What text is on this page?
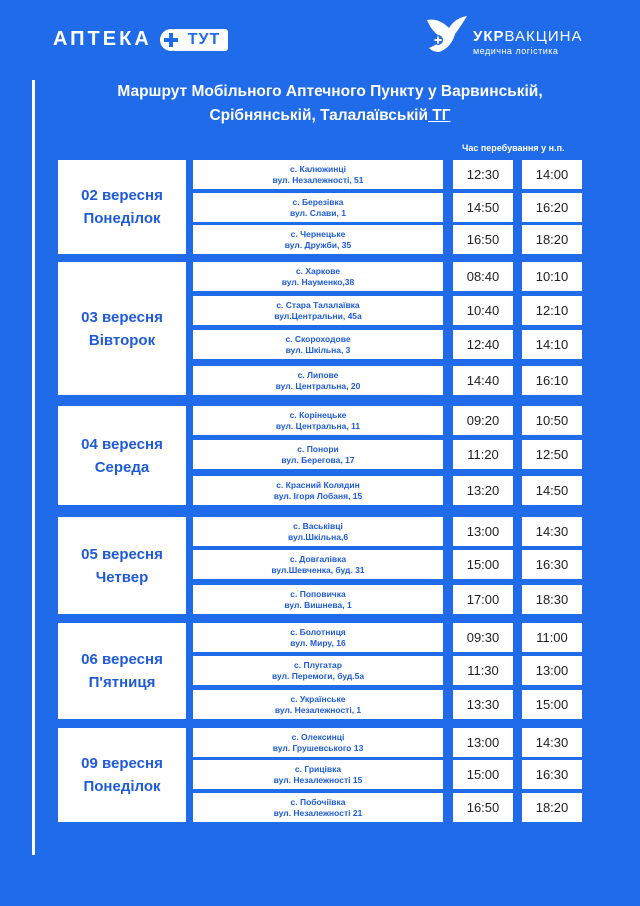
АПТЕКА	ТУТ	УКРВАКЦИНА
медична логістика
Маршрут Мобільного Аптечного Пункту у Варвинській,
Срібнянській, Талалаївській ТГ
Час перебування у н.п.
02 вересня
Понеділок
с. Калюжинці
вул. Незалежності, 51	12:30	14:00
с. Березівка
вул. Слави, 1	14:50	16:20
с. Чернецьке
вул. Дружби, 35	16:50	18:20
03 вересня
Вівторок
с. Харкове
вул. Науменко,38	08:40	10:10
с. Стара Талалаївка
вул.Центральни, 45а	10:40	12:10
с. Скороходове
вул. Шкільна, 3	12:40	14:10
с. Липове
вул. Центральна, 20	14:40	16:10
04 вересня
Середа
с. Корінецьке
вул. Центральна, 11	09:20	10:50
с. Понори
вул. Берегова, 17	11:20	12:50
с. Красний Колядин
вул. Ігоря Лобаня, 15	13:20	14:50
05 вересня
Четвер
с. Васьківці
вул.Шкільна,6	13:00	14:30
с. Довгалівка
вул.Шевченка, буд. 31	15:00	16:30
с. Поповичка
вул. Вишнева, 1	17:00	18:30
06 вересня
П'ятниця
с. Болотниця
вул. Миру, 16	09:30	11:00
с. Плугатар
вул. Перемоги, буд.5а	11:30	13:00
с. Українське
вул. Незалежності, 1	13:30	15:00
09 вересня
Понеділок
с. Олексинці
вул. Грушевського 13	13:00	14:30
с. Грицівка
вул. Незалежності 15	15:00	16:30
с. Побочіївка
вул. Незалежності 21	16:50	18:20
